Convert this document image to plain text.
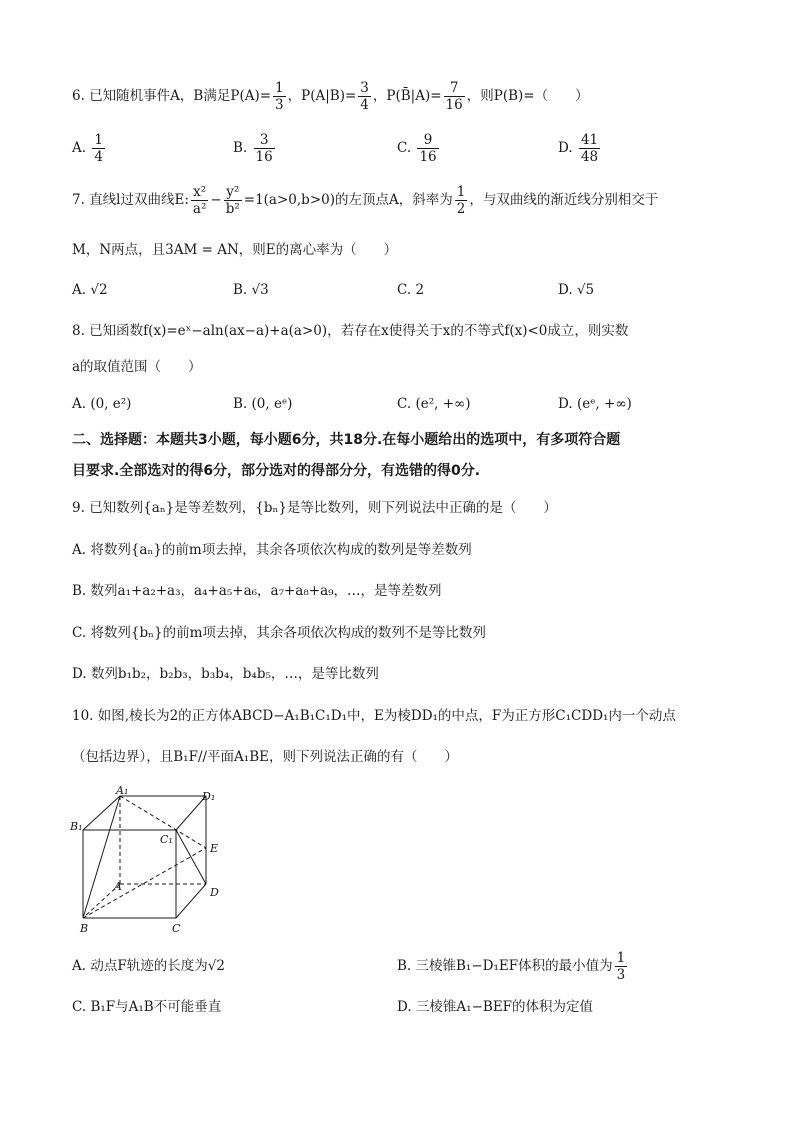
6. 已知随机事件A，B满足$P(A)= \frac{1}{3}$ ，$P(A|B)= \frac{3}{4}$ ，P(B̄|A)= $\frac{7}{16}$ ，则P(B)=（　　）
A. $\frac{1}{4}$	B. $\frac{3}{16}$	C. $\frac{9}{16}$	D. $\frac{41}{48}$
7. 直线l过双曲线E: $\frac{\text{x²}}{\text{a²}} - \frac{\text{y²}}{\text{b²}} =1(a>0,b>0)$的左顶点A，斜率为 $\frac{1}{2}$ ，与双曲线的渐近线分别相交于
M，N两点，且3AM = AN，则E的离心率为（　　）
A. √2	B. √3	C. 2	D. √5
8. 已知函数f(x)=eˣ−aln(ax−a)+a(a>0)，若存在x使得关于x的不等式f(x)<0成立，则实数
a的取值范围（　　）
A. (0, e²)	B. (0, eᵉ)	C. (e², +∞)	D. (eᵉ, +∞)
二、选择题：本题共3小题，每小题6分，共18分.在每小题给出的选项中，有多项符合题
目要求.全部选对的得6分，部分选对的得部分分，有选错的得0分.
9. 已知数列{aₙ}是等差数列，{bₙ}是等比数列，则下列说法中正确的是（　　）
A. 将数列{aₙ}的前m项去掉，其余各项依次构成的数列是等差数列
B. 数列a₁+a₂+a₃，a₄+a₅+a₆，a₇+a₈+a₉，…，是等差数列
C. 将数列{bₙ}的前m项去掉，其余各项依次构成的数列不是等比数列
D. 数列b₁b₂，b₂b₃，b₃b₄，b₄b₅，…，是等比数列
10. 如图,棱长为2的正方体ABCD−A₁B₁C₁D₁中，E为棱DD₁的中点，F为正方形C₁CDD₁内一个动点
（包括边界），且B₁F//平面A₁BE，则下列说法正确的有（　　）
A₁	D₁
B₁
C₁
E
A	D
B	C
A. 动点F轨迹的长度为√2	B. 三棱锥B₁−D₁EF体积的最小值为 $\frac{1}{3}$
C. B₁F与A₁B不可能垂直	D. 三棱锥A₁−BEF的体积为定值
